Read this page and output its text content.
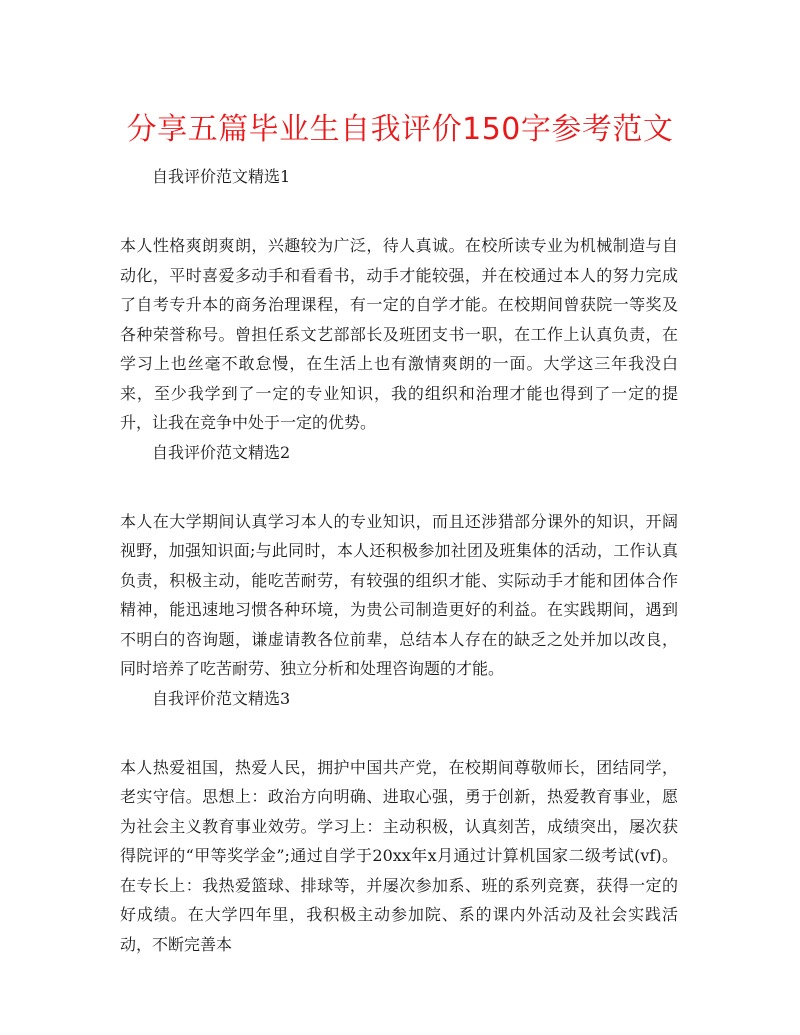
分享五篇毕业生自我评价150字参考范文

自我评价范文精选1

本人性格爽朗爽朗，兴趣较为广泛，待人真诚。在校所读专业为机械制造与自动化，平时喜爱多动手和看看书，动手才能较强，并在校通过本人的努力完成了自考专升本的商务治理课程，有一定的自学才能。在校期间曾获院一等奖及各种荣誉称号。曾担任系文艺部部长及班团支书一职，在工作上认真负责，在学习上也丝毫不敢怠慢，在生活上也有激情爽朗的一面。大学这三年我没白来，至少我学到了一定的专业知识，我的组织和治理才能也得到了一定的提升，让我在竞争中处于一定的优势。

自我评价范文精选2

本人在大学期间认真学习本人的专业知识，而且还涉猎部分课外的知识，开阔视野，加强知识面;与此同时，本人还积极参加社团及班集体的活动，工作认真负责，积极主动，能吃苦耐劳，有较强的组织才能、实际动手才能和团体合作精神，能迅速地习惯各种环境，为贵公司制造更好的利益。在实践期间，遇到不明白的咨询题，谦虚请教各位前辈，总结本人存在的缺乏之处并加以改良，同时培养了吃苦耐劳、独立分析和处理咨询题的才能。

自我评价范文精选3

本人热爱祖国，热爱人民，拥护中国共产党，在校期间尊敬师长，团结同学，老实守信。思想上：政治方向明确、进取心强，勇于创新，热爱教育事业，愿为社会主义教育事业效劳。学习上：主动积极，认真刻苦，成绩突出，屡次获得院评的“甲等奖学金”;通过自学于20xx年x月通过计算机国家二级考试(vf)。在专长上：我热爱篮球、排球等，并屡次参加系、班的系列竞赛，获得一定的好成绩。在大学四年里，我积极主动参加院、系的课内外活动及社会实践活动，不断完善本
